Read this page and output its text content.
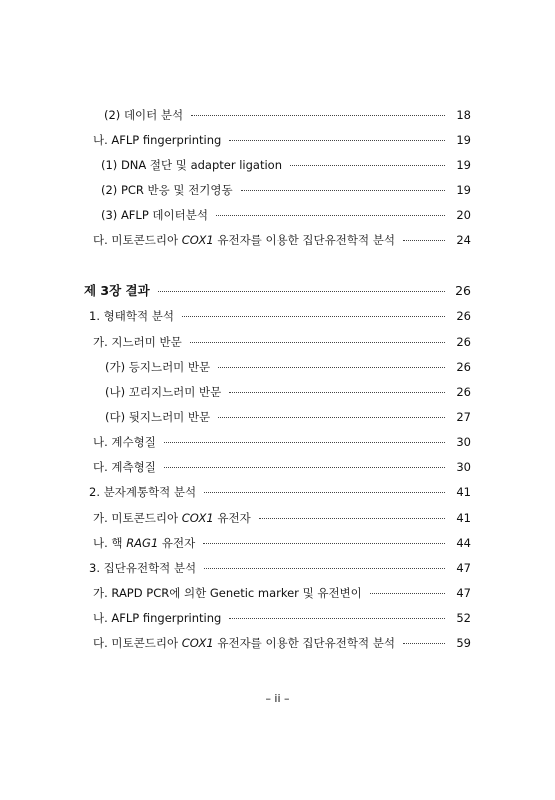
(2) 데이터 분석	18
나. AFLP fingerprinting	19
(1) DNA 절단 및 adapter ligation	19
(2) PCR 반응 및 전기영동	19
(3) AFLP 데이터분석	20
다. 미토콘드리아 COX1 유전자를 이용한 집단유전학적 분석	24
제 3장 결과	26
1. 형태학적 분석	26
가. 지느러미 반문	26
(가) 등지느러미 반문	26
(나) 꼬리지느러미 반문	26
(다) 뒷지느러미 반문	27
나. 계수형질	30
다. 계측형질	30
2. 분자계통학적 분석	41
가. 미토콘드리아 COX1 유전자	41
나. 핵 RAG1 유전자	44
3. 집단유전학적 분석	47
가. RAPD PCR에 의한 Genetic marker 및 유전변이	47
나. AFLP fingerprinting	52
다. 미토콘드리아 COX1 유전자를 이용한 집단유전학적 분석	59
– ii –
